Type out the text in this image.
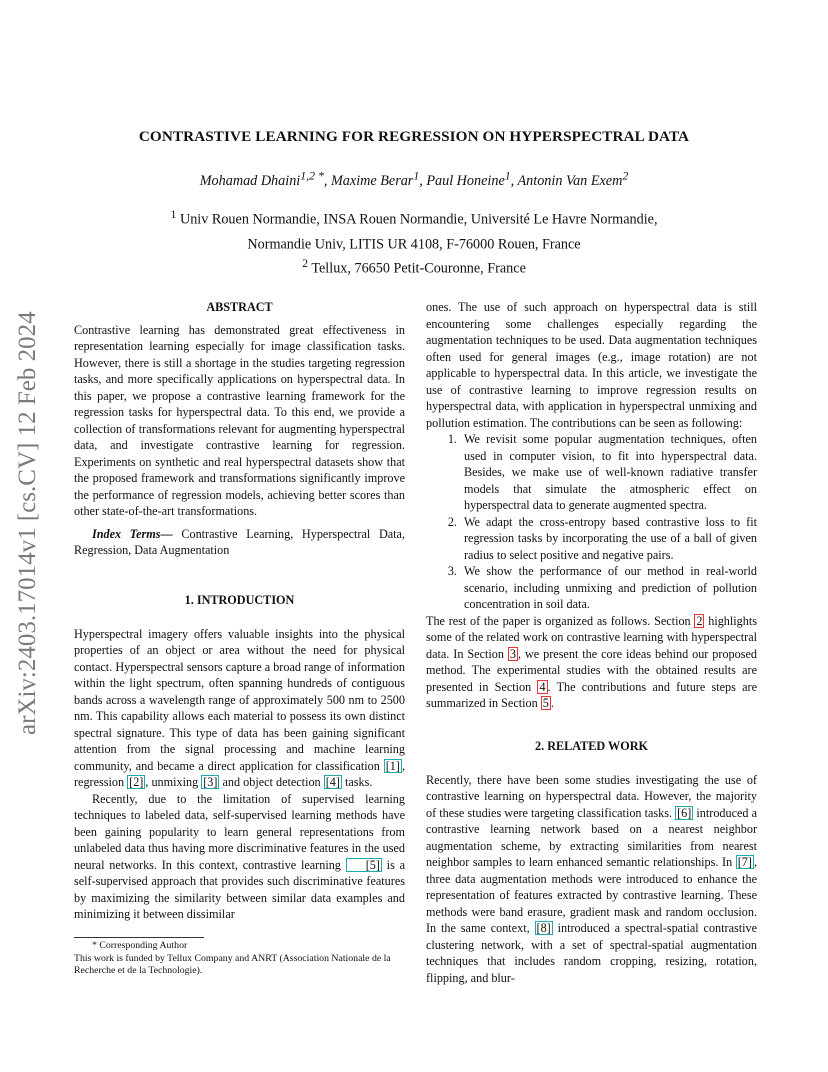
CONTRASTIVE LEARNING FOR REGRESSION ON HYPERSPECTRAL DATA
Mohamad Dhaini$^{1,2 *}$, Maxime Berar$^1$, Paul Honeine$^1$, Antonin Van Exem$^2$
$^1$ Univ Rouen Normandie, INSA Rouen Normandie, Université Le Havre Normandie,
Normandie Univ, LITIS UR 4108, F-76000 Rouen, France
$^2$ Tellux, 76650 Petit-Couronne, France
arXiv:2403.17014v1 [cs.CV] 12 Feb 2024
ABSTRACT

Contrastive learning has demonstrated great effectiveness in representation learning especially for image classification tasks. However, there is still a shortage in the studies targeting regression tasks, and more specifically applications on hyperspectral data. In this paper, we propose a contrastive learning framework for the regression tasks for hyperspectral data. To this end, we provide a collection of transformations relevant for augmenting hyperspectral data, and investigate contrastive learning for regression. Experiments on synthetic and real hyperspectral datasets show that the proposed framework and transformations significantly improve the performance of regression models, achieving better scores than other state-of-the-art transformations.

Index Terms— Contrastive Learning, Hyperspectral Data, Regression, Data Augmentation

1. INTRODUCTION

Hyperspectral imagery offers valuable insights into the physical properties of an object or area without the need for physical contact. Hyperspectral sensors capture a broad range of information within the light spectrum, often spanning hundreds of contiguous bands across a wavelength range of approximately 500 nm to 2500 nm. This capability allows each material to possess its own distinct spectral signature. This type of data has been gaining significant attention from the signal processing and machine learning community, and became a direct application for classification [1] , regression [2] , unmixing [3] and object detection [4] tasks.

Recently, due to the limitation of supervised learning techniques to labeled data, self-supervised learning methods have been gaining popularity to learn general representations from unlabeled data thus having more discriminative features in the used neural networks. In this context, contrastive learning [5] is a self-supervised approach that provides such discriminative features by maximizing the similarity between similar data examples and minimizing it between dissimilar

* Corresponding Author
This work is funded by Tellux Company and ANRT (Association Nationale de la Recherche et de la Technologie).

ones. The use of such approach on hyperspectral data is still encountering some challenges especially regarding the augmentation techniques to be used. Data augmentation techniques often used for general images (e.g., image rotation) are not applicable to hyperspectral data. In this article, we investigate the use of contrastive learning to improve regression results on hyperspectral data, with application in hyperspectral unmixing and pollution estimation. The contributions can be seen as following:

1. We revisit some popular augmentation techniques, often used in computer vision, to fit into hyperspectral data. Besides, we make use of well-known radiative transfer models that simulate the atmospheric effect on hyperspectral data to generate augmented spectra.
2. We adapt the cross-entropy based contrastive loss to fit regression tasks by incorporating the use of a ball of given radius to select positive and negative pairs.
3. We show the performance of our method in real-world scenario, including unmixing and prediction of pollution concentration in soil data.

The rest of the paper is organized as follows. Section 2 highlights some of the related work on contrastive learning with hyperspectral data. In Section 3 , we present the core ideas behind our proposed method. The experimental studies with the obtained results are presented in Section 4 . The contributions and future steps are summarized in Section 5 .

2. RELATED WORK

Recently, there have been some studies investigating the use of contrastive learning on hyperspectral data. However, the majority of these studies were targeting classification tasks. [6] introduced a contrastive learning network based on a nearest neighbor augmentation scheme, by extracting similarities from nearest neighbor samples to learn enhanced semantic relationships. In [7] , three data augmentation methods were introduced to enhance the representation of features extracted by contrastive learning. These methods were band erasure, gradient mask and random occlusion. In the same context, [8] introduced a spectral-spatial contrastive clustering network, with a set of spectral-spatial augmentation techniques that includes random cropping, resizing, rotation, flipping, and blur-
